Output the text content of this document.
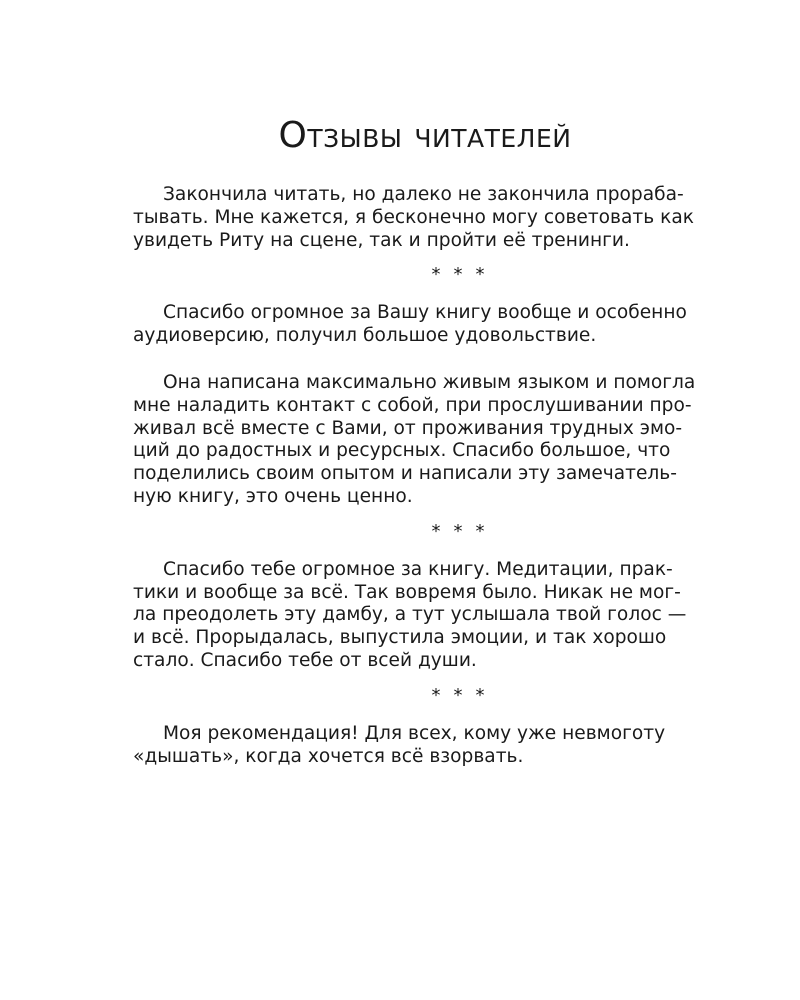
Отзывы читателей

Закончила читать, но далеко не закончила прораба-
тывать. Мне кажется, я бесконечно могу советовать как
увидеть Риту на сцене, так и пройти её тренинги.

* * *

Спасибо огромное за Вашу книгу вообще и особенно
аудиоверсию, получил большое удовольствие.

Она написана максимально живым языком и помогла
мне наладить контакт с собой, при прослушивании про-
живал всё вместе с Вами, от проживания трудных эмо-
ций до радостных и ресурсных. Спасибо большое, что
поделились своим опытом и написали эту замечатель-
ную книгу, это очень ценно.

* * *

Спасибо тебе огромное за книгу. Медитации, прак-
тики и вообще за всё. Так вовремя было. Никак не мог-
ла преодолеть эту дамбу, а тут услышала твой голос —
и всё. Прорыдалась, выпустила эмоции, и так хорошо
стало. Спасибо тебе от всей души.

* * *

Моя рекомендация! Для всех, кому уже невмоготу
«дышать», когда хочется всё взорвать.
